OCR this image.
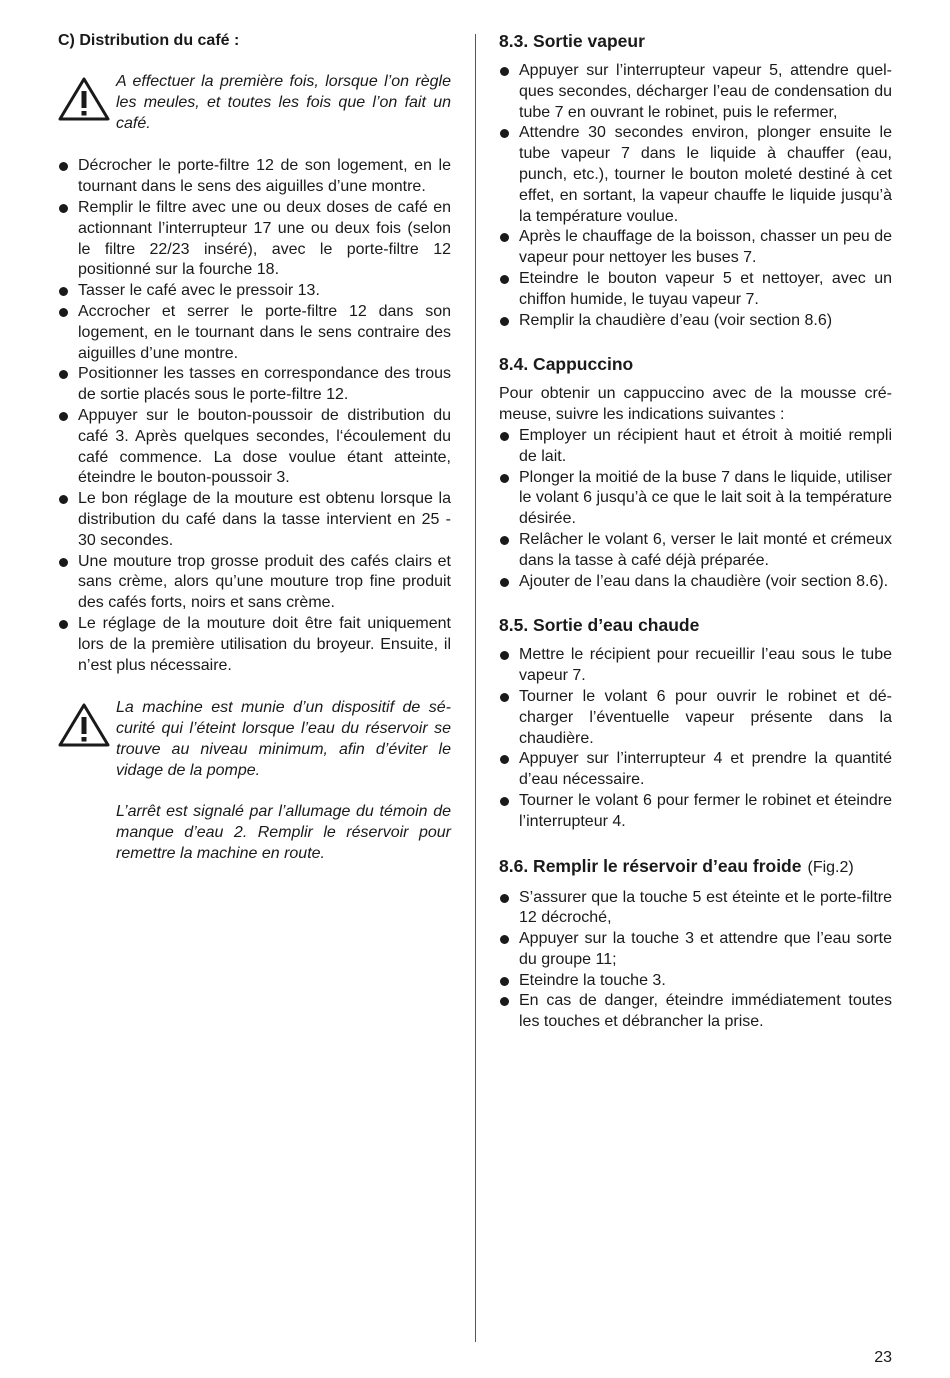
C) Distribution du café :

A effectuer la première fois, lorsque l’on règle les meules, et toutes les fois que l’on fait un café.

Décrocher le porte-filtre 12 de son logement, en le tournant dans le sens des aiguilles d’une montre.
Remplir le filtre avec une ou deux doses de café en actionnant l’interrupteur 17 une ou deux fois (selon le filtre 22/23 inséré), avec le porte-filtre 12 positionné sur la fourche 18.
Tasser le café avec le pressoir 13.
Accrocher et serrer le porte-filtre 12 dans son logement, en le tournant dans le sens contraire des aiguilles d’une montre.
Positionner les tasses en correspondance des trous de sortie placés sous le porte-filtre 12.
Appuyer sur le bouton-poussoir de distribution du café 3. Après quelques secondes, l‘écoulement du café commence. La dose voulue étant atteinte, éteindre le bouton-poussoir 3.
Le bon réglage de la mouture est obtenu lorsque la distribution du café dans la tasse intervient en 25 - 30 secondes.
Une mouture trop grosse produit des cafés clairs et sans crème, alors qu’une mouture trop fine produit des cafés forts, noirs et sans crème.
Le réglage de la mouture doit être fait uniquement lors de la première utilisation du broyeur. Ensuite, il n’est plus nécessaire.

La machine est munie d’un dispositif de sécurité qui l’éteint lorsque l’eau du réservoir se trouve au niveau minimum, afin d’éviter le vidage de la pompe.

L’arrêt est signalé par l’allumage du témoin de manque d’eau 2. Remplir le réservoir pour remettre la machine en route.

8.3. Sortie vapeur
Appuyer sur l’interrupteur vapeur 5, attendre quelques secondes, décharger l’eau de condensation du tube 7 en ouvrant le robinet, puis le refermer,
Attendre 30 secondes environ, plonger ensuite le tube vapeur 7 dans le liquide à chauffer (eau, punch, etc.), tourner le bouton moleté destiné à cet effet, en sortant, la vapeur chauffe le liquide jusqu’à la température voulue.
Après le chauffage de la boisson, chasser un peu de vapeur pour nettoyer les buses 7.
Eteindre le bouton vapeur 5 et nettoyer, avec un chiffon humide, le tuyau vapeur 7.
Remplir la chaudière d’eau (voir section 8.6)
8.4. Cappuccino

Pour obtenir un cappuccino avec de la mousse crémeuse, suivre les indications suivantes :

Employer un récipient haut et étroit à moitié rempli de lait.
Plonger la moitié de la buse 7 dans le liquide, utiliser le volant 6 jusqu’à ce que le lait soit à la température désirée.
Relâcher le volant 6, verser le lait monté et crémeux dans la tasse à café déjà préparée.
Ajouter de l’eau dans la chaudière (voir section 8.6).
8.5. Sortie d’eau chaude
Mettre le récipient pour recueillir l’eau sous le tube vapeur 7.
Tourner le volant 6 pour ouvrir le robinet et décharger l’éventuelle vapeur présente dans la chaudière.
Appuyer sur l’interrupteur 4 et prendre la quantité d’eau nécessaire.
Tourner le volant 6 pour fermer le robinet et éteindre l’interrupteur 4.
8.6. Remplir le réservoir d’eau froide (Fig.2)
S’assurer que la touche 5 est éteinte et le porte-filtre 12 décroché,
Appuyer sur la touche 3 et attendre que l’eau sorte du groupe 11;
Eteindre la touche 3.
En cas de danger, éteindre immédiatement toutes les touches et débrancher la prise.
23
